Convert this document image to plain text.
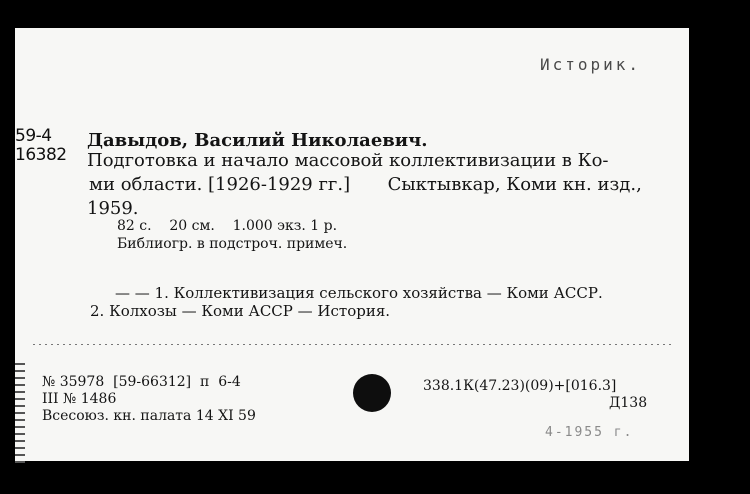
Историк.
59-4
16382
Давыдов, Василий Николаевич.
Подготовка и начало массовой коллективизации в Ко-
ми области. [1926-1929 гг.] Сыктывкар, Коми кн. изд.,
1959.
82 с.    20 см.    1.000 экз. 1 р.
Библиогр. в подстроч. примеч.
— — 1. Коллективизация сельского хозяйства — Коми АССР.
2. Колхозы — Коми АССР — История.
№ 35978  [59-66312]  п  6-4
III № 1486
Всесоюз. кн. палата 14 XI 59
338.1К(47.23)(09)+[016.3]
Д138
4-1955 г.
